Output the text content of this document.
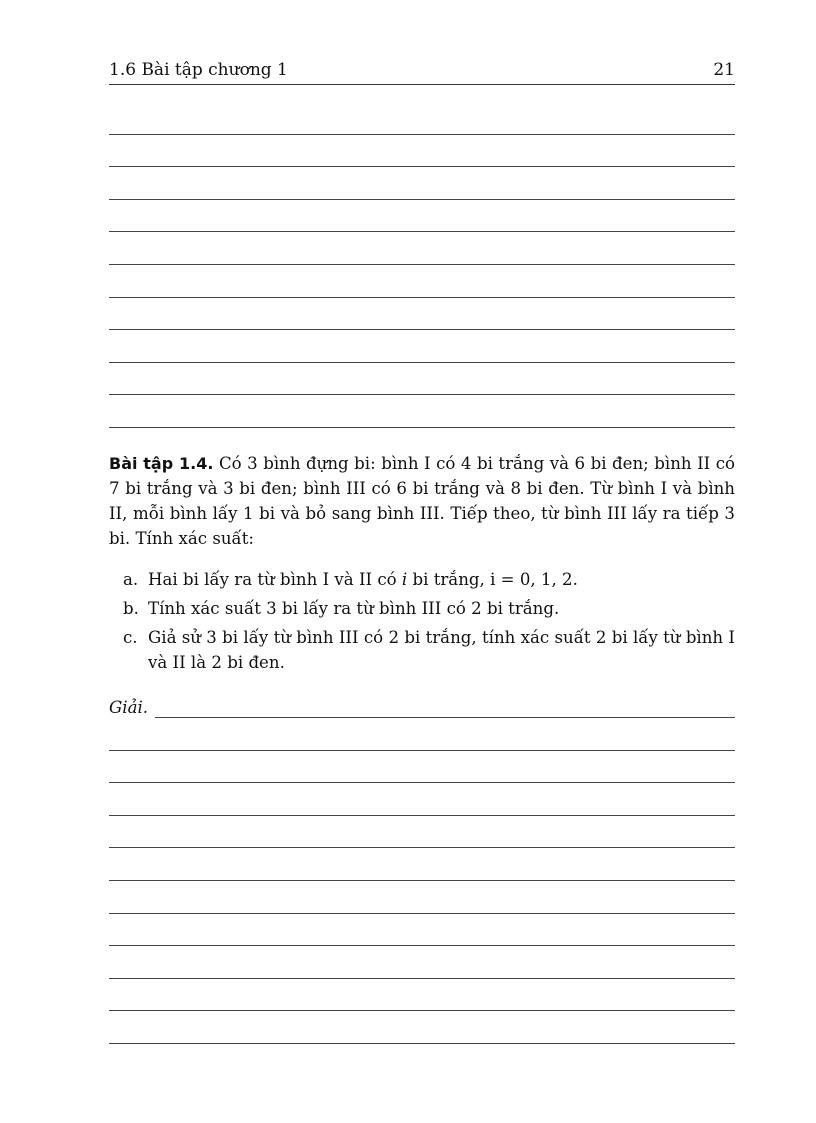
1.6 Bài tập chương 1	21
Bài tập 1.4. Có 3 bình đựng bi: bình I có 4 bi trắng và 6 bi đen; bình II có 7 bi trắng và 3 bi đen; bình III có 6 bi trắng và 8 bi đen. Từ bình I và bình II, mỗi bình lấy 1 bi và bỏ sang bình III. Tiếp theo, từ bình III lấy ra tiếp 3 bi. Tính xác suất:
a. Hai bi lấy ra từ bình I và II có i bi trắng, i = 0, 1, 2.
b. Tính xác suất 3 bi lấy ra từ bình III có 2 bi trắng.
c. Giả sử 3 bi lấy từ bình III có 2 bi trắng, tính xác suất 2 bi lấy từ bình I và II là 2 bi đen.
Giải.
